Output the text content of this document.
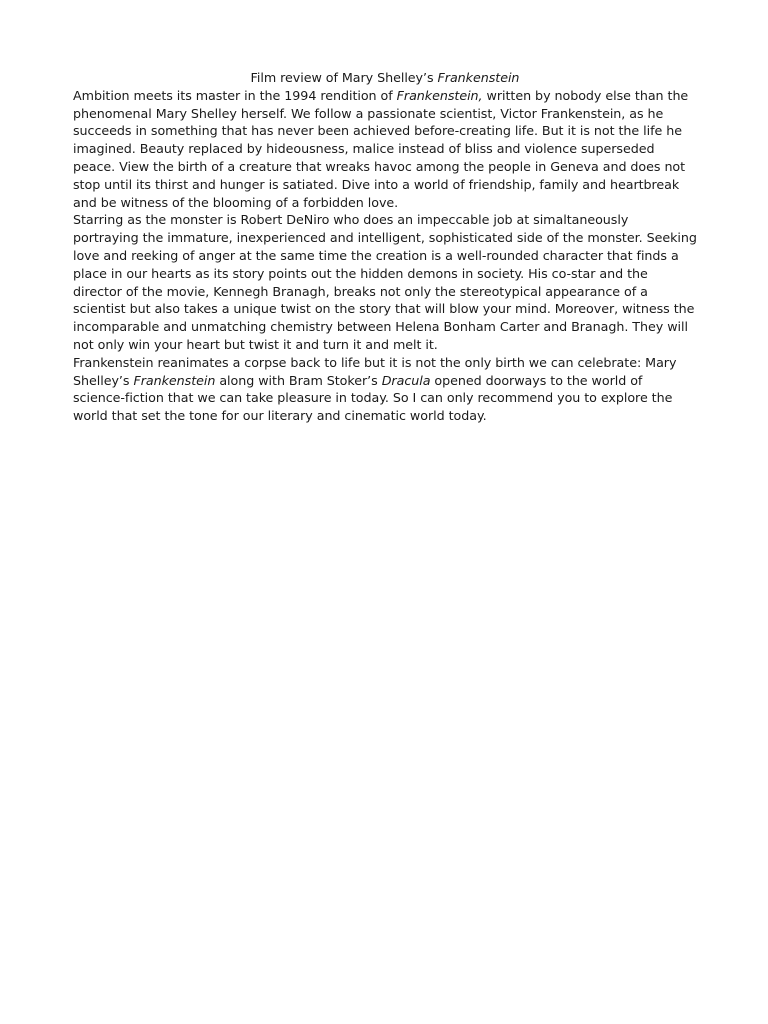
Film review of Mary Shelley’s Frankenstein

Ambition meets its master in the 1994 rendition of Frankenstein, written by nobody else than the phenomenal Mary Shelley herself. We follow a passionate scientist, Victor Frankenstein, as he succeeds in something that has never been achieved before-creating life. But it is not the life he imagined. Beauty replaced by hideousness, malice instead of bliss and violence superseded peace. View the birth of a creature that wreaks havoc among the people in Geneva and does not stop until its thirst and hunger is satiated. Dive into a world of friendship, family and heartbreak and be witness of the blooming of a forbidden love.

Starring as the monster is Robert DeNiro who does an impeccable job at simaltaneously portraying the immature, inexperienced and intelligent, sophisticated side of the monster. Seeking love and reeking of anger at the same time the creation is a well-rounded character that finds a place in our hearts as its story points out the hidden demons in society. His co-star and the director of the movie, Kennegh Branagh, breaks not only the stereotypical appearance of a scientist but also takes a unique twist on the story that will blow your mind. Moreover, witness the incomparable and unmatching chemistry between Helena Bonham Carter and Branagh. They will not only win your heart but twist it and turn it and melt it.

Frankenstein reanimates a corpse back to life but it is not the only birth we can celebrate: Mary Shelley’s Frankenstein along with Bram Stoker’s Dracula opened doorways to the world of science-fiction that we can take pleasure in today. So I can only recommend you to explore the world that set the tone for our literary and cinematic world today.
